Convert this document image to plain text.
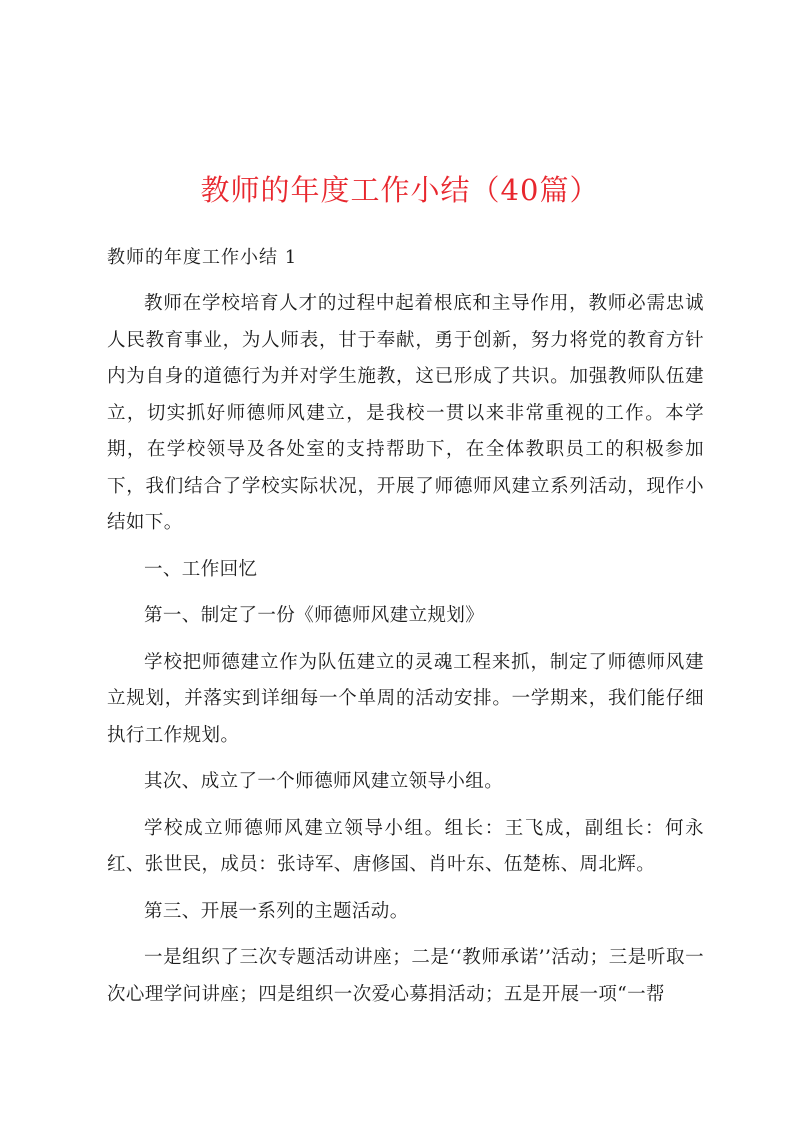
教师的年度工作小结（40篇）

教师的年度工作小结 1

教师在学校培育人才的过程中起着根底和主导作用，教师必需忠诚人民教育事业，为人师表，甘于奉献，勇于创新，努力将党的教育方针内为自身的道德行为并对学生施教，这已形成了共识。加强教师队伍建立，切实抓好师德师风建立，是我校一贯以来非常重视的工作。本学期，在学校领导及各处室的支持帮助下，在全体教职员工的积极参加下，我们结合了学校实际状况，开展了师德师风建立系列活动，现作小结如下。

一、工作回忆

第一、制定了一份《师德师风建立规划》

学校把师德建立作为队伍建立的灵魂工程来抓，制定了师德师风建立规划，并落实到详细每一个单周的活动安排。一学期来，我们能仔细执行工作规划。

其次、成立了一个师德师风建立领导小组。

学校成立师德师风建立领导小组。组长：王飞成，副组长：何永红、张世民，成员：张诗军、唐修国、肖叶东、伍楚栋、周北辉。

第三、开展一系列的主题活动。

一是组织了三次专题活动讲座；二是‘‘教师承诺’’活动；三是听取一次心理学问讲座；四是组织一次爱心募捐活动；五是开展一项“一帮
